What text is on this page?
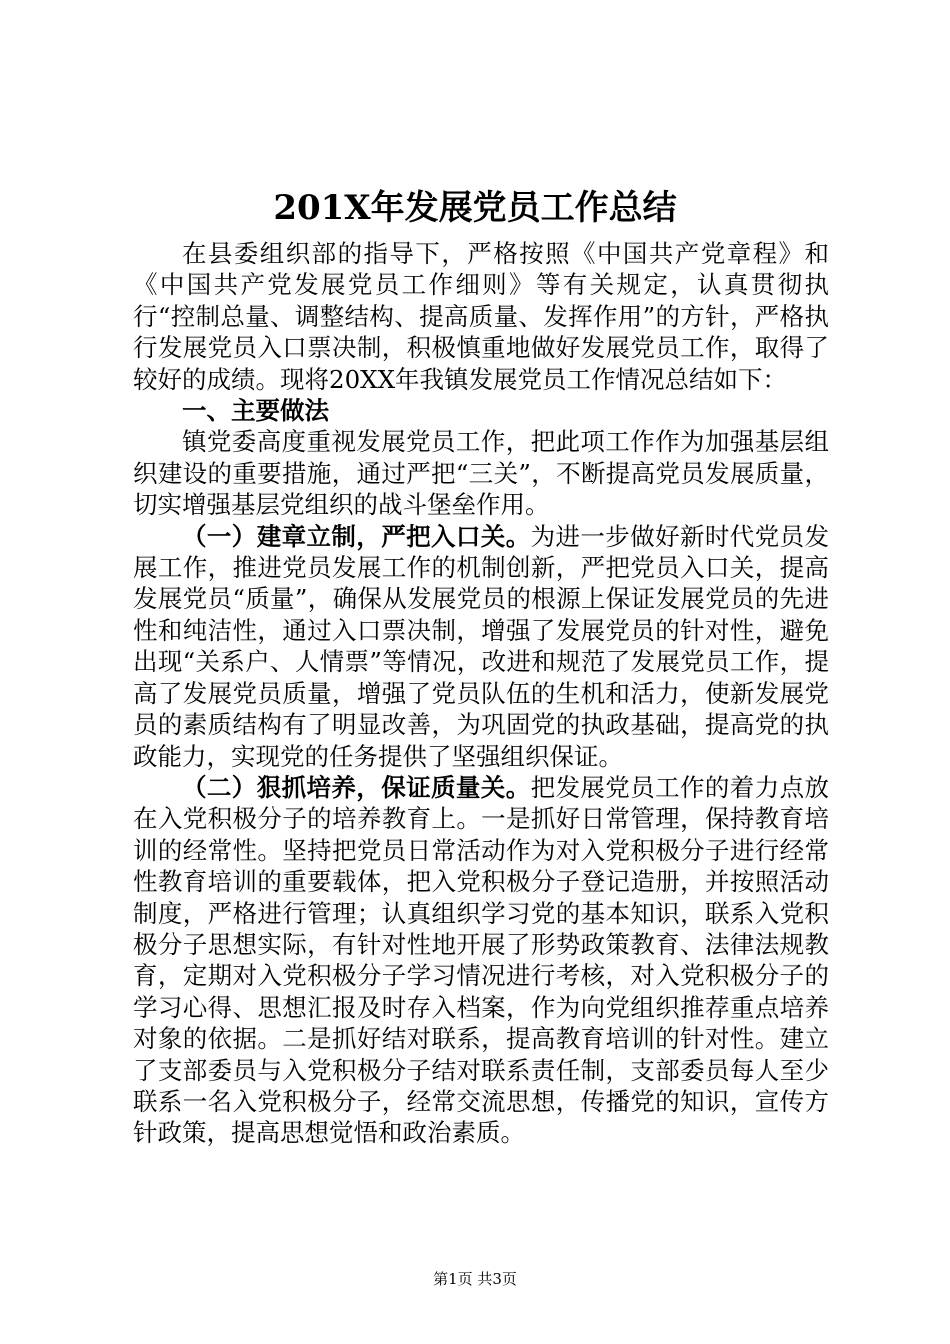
201X年发展党员工作总结

在县委组织部的指导下，严格按照《中国共产党章程》和《中国共产党发展党员工作细则》等有关规定，认真贯彻执行“控制总量、调整结构、提高质量、发挥作用”的方针，严格执行发展党员入口票决制，积极慎重地做好发展党员工作，取得了较好的成绩。现将20XX年我镇发展党员工作情况总结如下：

一、主要做法

镇党委高度重视发展党员工作，把此项工作作为加强基层组织建设的重要措施，通过严把“三关”，不断提高党员发展质量，切实增强基层党组织的战斗堡垒作用。

（一）建章立制，严把入口关。为进一步做好新时代党员发展工作，推进党员发展工作的机制创新，严把党员入口关，提高发展党员“质量”，确保从发展党员的根源上保证发展党员的先进性和纯洁性，通过入口票决制，增强了发展党员的针对性，避免出现“关系户、人情票”等情况，改进和规范了发展党员工作，提高了发展党员质量，增强了党员队伍的生机和活力，使新发展党员的素质结构有了明显改善，为巩固党的执政基础，提高党的执政能力，实现党的任务提供了坚强组织保证。

（二）狠抓培养，保证质量关。把发展党员工作的着力点放在入党积极分子的培养教育上。一是抓好日常管理，保持教育培训的经常性。坚持把党员日常活动作为对入党积极分子进行经常性教育培训的重要载体，把入党积极分子登记造册，并按照活动制度，严格进行管理；认真组织学习党的基本知识，联系入党积极分子思想实际，有针对性地开展了形势政策教育、法律法规教育，定期对入党积极分子学习情况进行考核，对入党积极分子的学习心得、思想汇报及时存入档案，作为向党组织推荐重点培养对象的依据。二是抓好结对联系，提高教育培训的针对性。建立了支部委员与入党积极分子结对联系责任制，支部委员每人至少联系一名入党积极分子，经常交流思想，传播党的知识，宣传方针政策，提高思想觉悟和政治素质。

第1页 共3页
